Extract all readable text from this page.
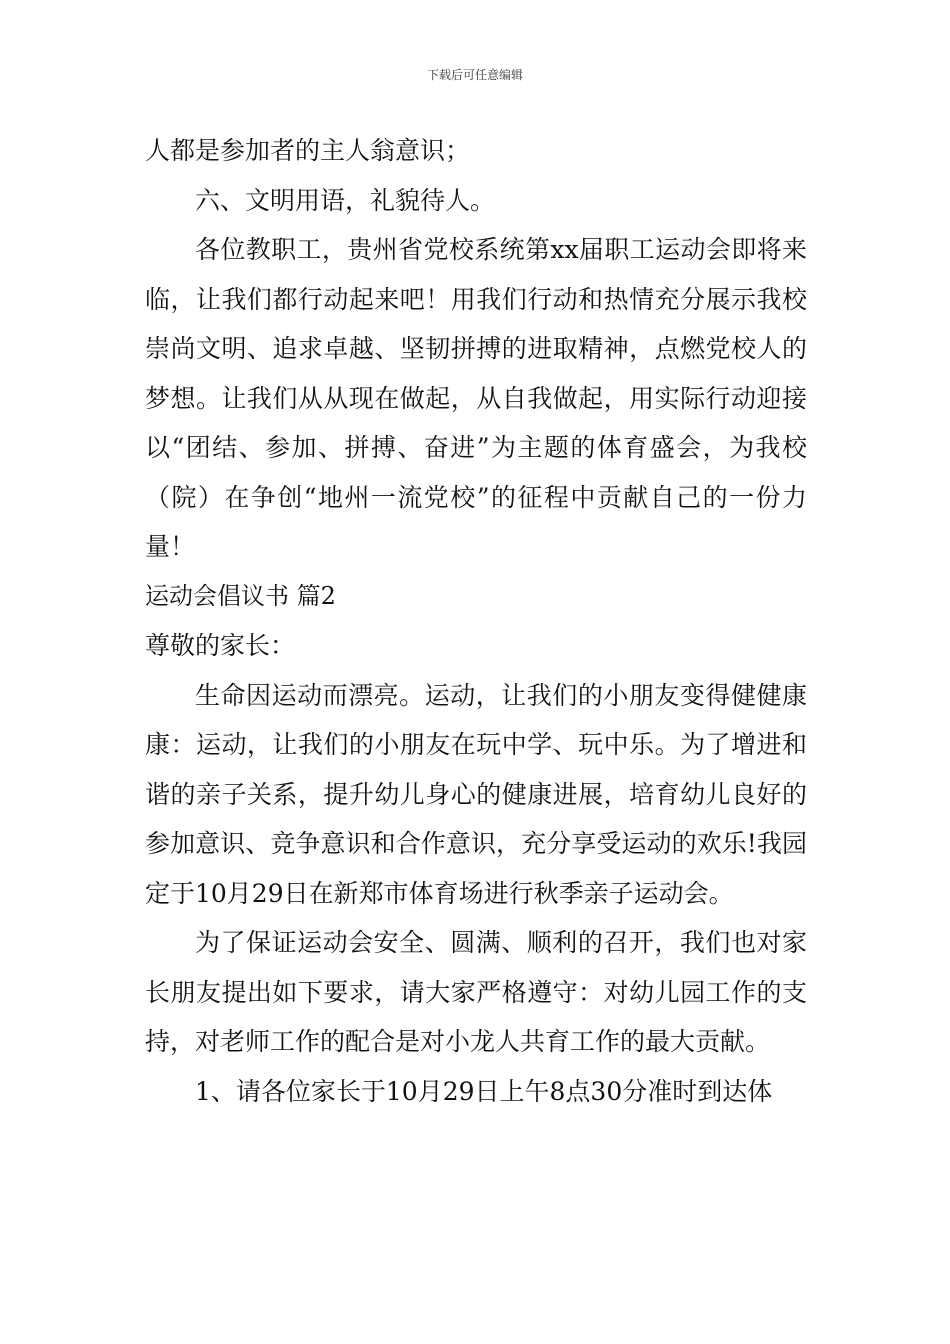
下载后可任意编辑

人都是参加者的主人翁意识；

六、文明用语，礼貌待人。

各位教职工，贵州省党校系统第xx届职工运动会即将来临，让我们都行动起来吧！用我们行动和热情充分展示我校崇尚文明、追求卓越、坚韧拼搏的进取精神，点燃党校人的梦想。让我们从从现在做起，从自我做起，用实际行动迎接以“团结、参加、拼搏、奋进”为主题的体育盛会，为我校（院）在争创“地州一流党校”的征程中贡献自己的一份力量！

运动会倡议书 篇2

尊敬的家长：

生命因运动而漂亮。运动，让我们的小朋友变得健健康康：运动，让我们的小朋友在玩中学、玩中乐。为了增进和谐的亲子关系，提升幼儿身心的健康进展，培育幼儿良好的参加意识、竞争意识和合作意识，充分享受运动的欢乐!我园定于10月29日在新郑市体育场进行秋季亲子运动会。

为了保证运动会安全、圆满、顺利的召开，我们也对家长朋友提出如下要求，请大家严格遵守：对幼儿园工作的支持，对老师工作的配合是对小龙人共育工作的最大贡献。

1、请各位家长于10月29日上午8点30分准时到达体
